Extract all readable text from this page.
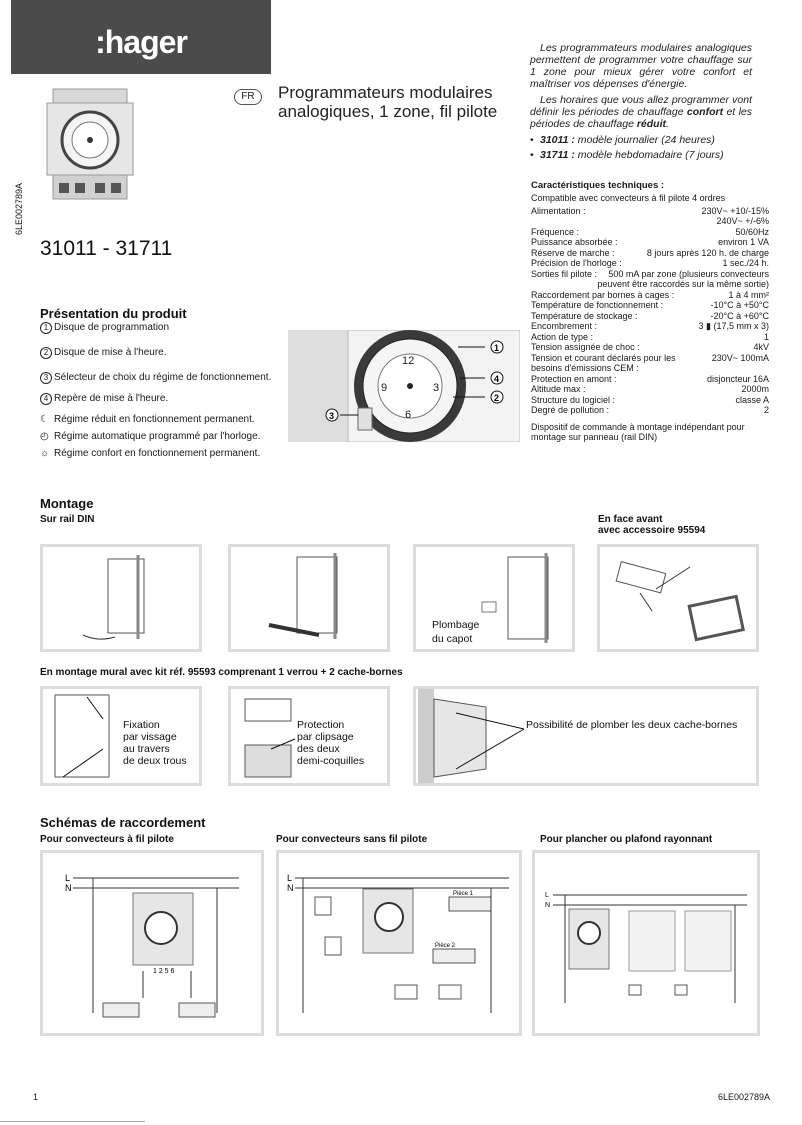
:hager
FR	Programmateurs modulaires
analogiques, 1 zone, fil pilote
6LE002789A
31011 - 31711

Les programmateurs modulaires analogiques permettent de programmer votre chauffage sur 1 zone pour mieux gérer votre confort et maîtriser vos dépenses d'énergie.

Les horaires que vous allez programmer vont définir les périodes de chauffage confort et les périodes de chauffage réduit.

• 31011 : modèle journalier (24 heures)
• 31711 : modèle hebdomadaire (7 jours)
Caractéristiques techniques :
Compatible avec convecteurs à fil pilote 4 ordres
Alimentation :	230V~ +10/-15%
240V~ +/-6%
Fréquence :	50/60Hz
Puissance absorbée :	environ 1 VA
Réserve de marche :	8 jours après 120 h. de charge
Précision de l'horloge :	1 sec./24 h.
Sorties fil pilote :	500 mA par zone (plusieurs convecteurs peuvent être raccordés sur la même sortie)
Raccordement par bornes à cages :	1 à 4 mm²
Température de fonctionnement :	-10°C à +50°C
Température de stockage :	-20°C à +60°C
Encombrement :	3 ▮ (17,5 mm x 3)
Action de type :	1
Tension assignée de choc :	4kV
Tension et courant déclarés pour les besoins d'émissions CEM :
230V~ 100mA
Protection en amont :	disjoncteur 16A
Altitude max :	2000m
Structure du logiciel :	classe A
Degré de pollution :	2
Dispositif de commande à montage indépendant pour montage sur panneau (rail DIN)
Présentation du produit
1 Disque de programmation
2 Disque de mise à l'heure.
3 Sélecteur de choix du régime de fonctionnement.
4 Repère de mise à l'heure.
☾ Régime réduit en fonctionnement permanent.
◴ Régime automatique programmé par l'horloge.
☼ Régime confort en fonctionnement permanent.
12
6
9	3
1
4
2
3
Montage
Sur rail DIN	En face avant
avec accessoire 95594
Plombage
du capot
En montage mural avec kit réf. 95593 comprenant 1 verrou + 2 cache-bornes
Fixation
par vissage
au travers
de deux trous
Protection
par clipsage
des deux
demi-coquilles
Possibilité de plomber les deux cache-bornes
Schémas de raccordement
Pour convecteurs à fil pilote	Pour convecteurs sans fil pilote	Pour plancher ou plafond rayonnant
L
N
1 2 5 6
L
N
Pièce 1
Pièce 2
L
N
1	6LE002789A
